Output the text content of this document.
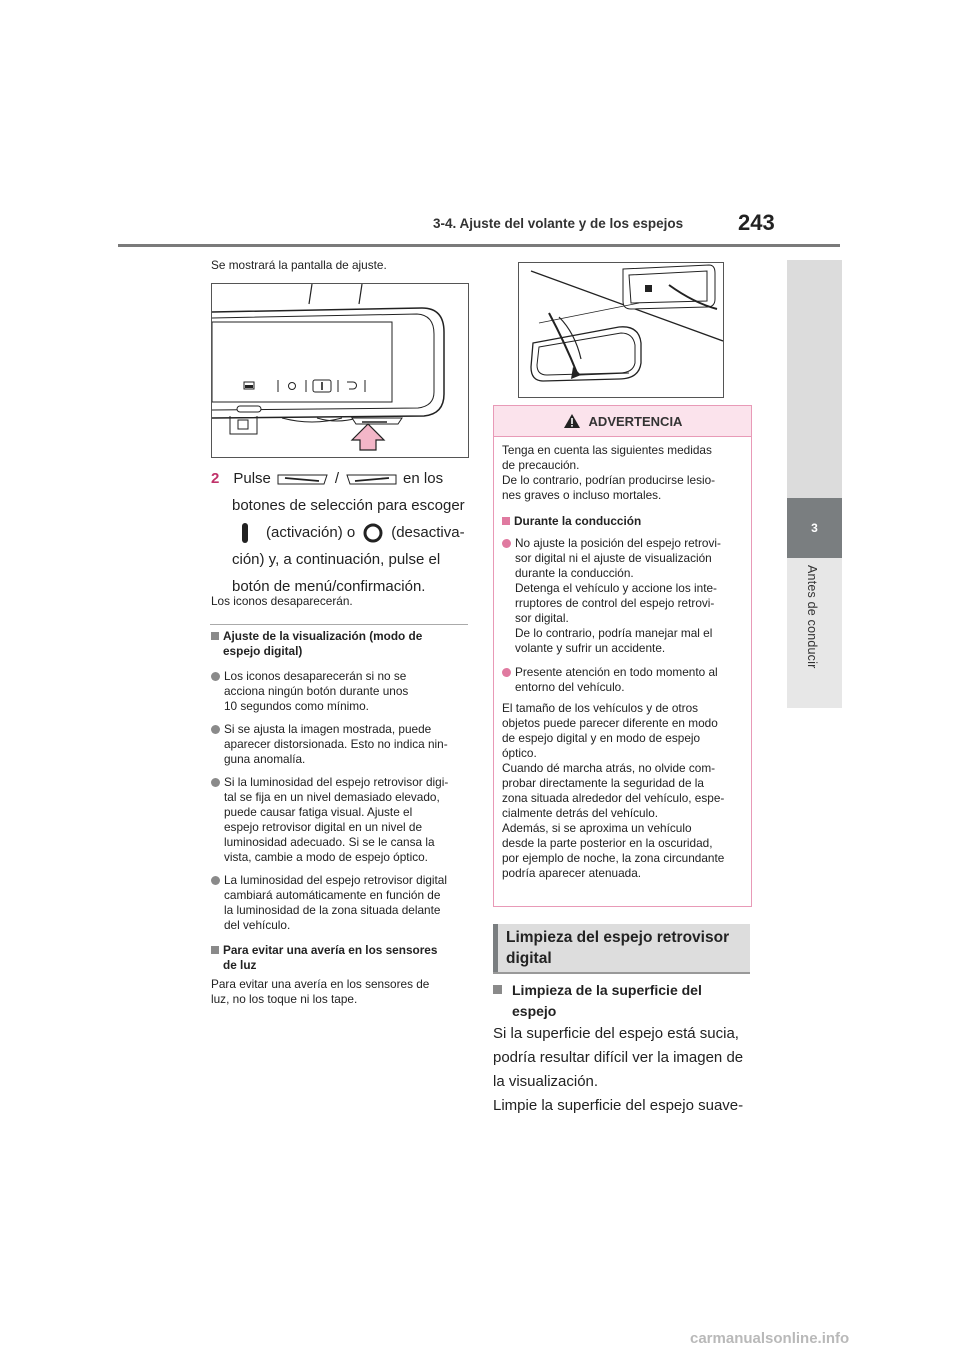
3-4. Ajuste del volante y de los espejos 243
3
Antes de conducir
Se mostrará la pantalla de ajuste.
2 Pulse	/	en los

botones de selección para escoger

(activación) o (desactiva-

ción) y, a continuación, pulse el

botón de menú/confirmación.

Los iconos desaparecerán.

Ajuste de la visualización (modo de

espejo digital)

Los iconos desaparecerán si no se

acciona ningún botón durante unos

10 segundos como mínimo.

Si se ajusta la imagen mostrada, puede

aparecer distorsionada. Esto no indica nin-

guna anomalía.

Si la luminosidad del espejo retrovisor digi-

tal se fija en un nivel demasiado elevado,

puede causar fatiga visual. Ajuste el

espejo retrovisor digital en un nivel de

luminosidad adecuado. Si se le cansa la

vista, cambie a modo de espejo óptico.

La luminosidad del espejo retrovisor digital

cambiará automáticamente en función de

la luminosidad de la zona situada delante

del vehículo.

Para evitar una avería en los sensores

de luz

Para evitar una avería en los sensores de

luz, no los toque ni los tape.

ADVERTENCIA

Tenga en cuenta las siguientes medidas

de precaución.

De lo contrario, podrían producirse lesio-

nes graves o incluso mortales.

Durante la conducción

No ajuste la posición del espejo retrovi-

sor digital ni el ajuste de visualización

durante la conducción.

Detenga el vehículo y accione los inte-

rruptores de control del espejo retrovi-

sor digital.

De lo contrario, podría manejar mal el

volante y sufrir un accidente.

Presente atención en todo momento al

entorno del vehículo.

El tamaño de los vehículos y de otros

objetos puede parecer diferente en modo

de espejo digital y en modo de espejo

óptico.

Cuando dé marcha atrás, no olvide com-

probar directamente la seguridad de la

zona situada alrededor del vehículo, espe-

cialmente detrás del vehículo.

Además, si se aproxima un vehículo

desde la parte posterior en la oscuridad,

por ejemplo de noche, la zona circundante

podría aparecer atenuada.

Limpieza del espejo retrovisor

digital

Limpieza de la superficie del

espejo

Si la superficie del espejo está sucia,

podría resultar difícil ver la imagen de

la visualización.

Limpie la superficie del espejo suave-

carmanualsonline.info
